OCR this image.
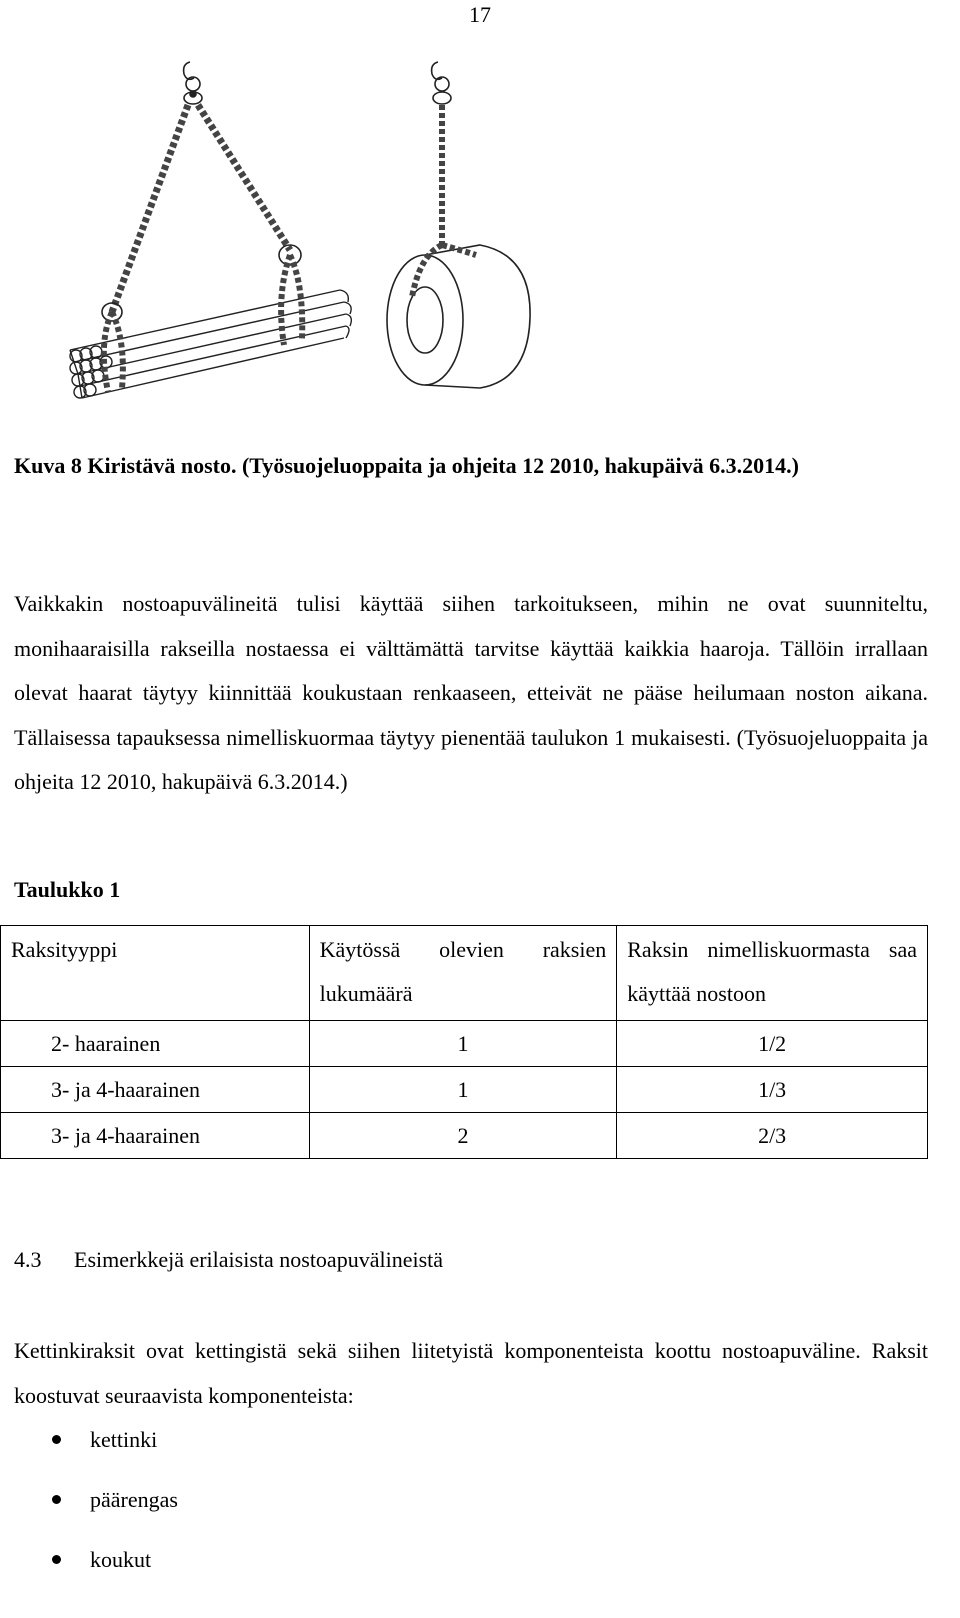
17
Kuva 8 Kiristävä nosto. (Työsuojeluoppaita ja ohjeita 12 2010, hakupäivä 6.3.2014.)
Vaikkakin nostoapuvälineitä tulisi käyttää siihen tarkoitukseen, mihin ne ovat suunniteltu, monihaaraisilla rakseilla nostaessa ei välttämättä tarvitse käyttää kaikkia haaroja. Tällöin irrallaan olevat haarat täytyy kiinnittää koukustaan renkaaseen, etteivät ne pääse heilumaan noston aikana. Tällaisessa tapauksessa nimelliskuormaa täytyy pienentää taulukon 1 mukaisesti. (Työsuojeluoppaita ja ohjeita 12 2010, hakupäivä 6.3.2014.)
Taulukko 1
Raksityyppi	Käytössä olevien raksien lukumäärä	Raksin nimelliskuormasta saa käyttää nostoon
2- haarainen	1	1/2
3- ja 4-haarainen	1	1/3
3- ja 4-haarainen	2	2/3
4.3 Esimerkkejä erilaisista nostoapuvälineistä
Kettinkiraksit ovat kettingistä sekä siihen liitetyistä komponenteista koottu nostoapuväline. Raksit koostuvat seuraavista komponenteista:
kettinki
päärengas
koukut
